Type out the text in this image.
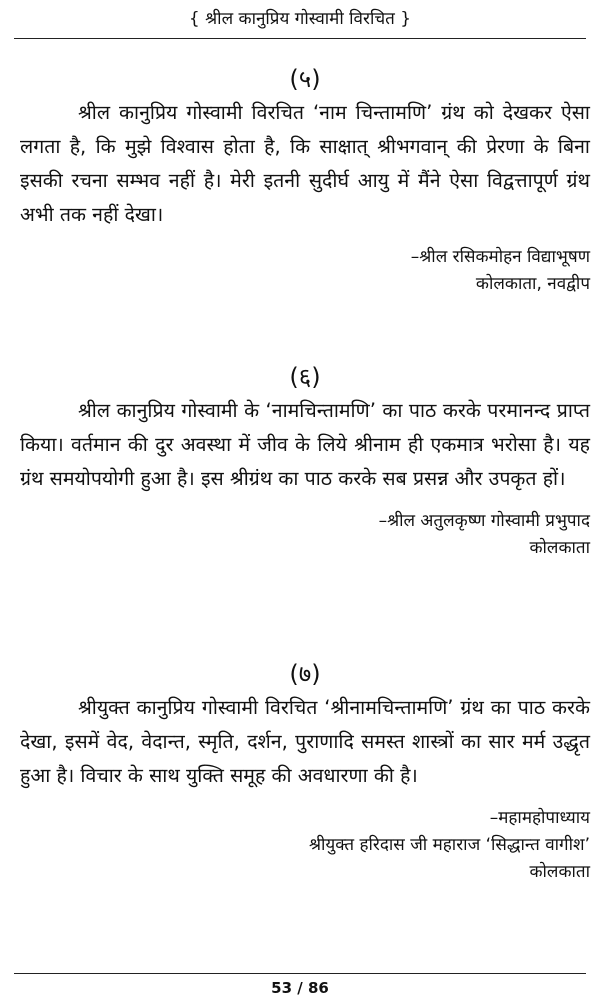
{ श्रील कानुप्रिय गोस्वामी विरचित }
(५)

श्रील कानुप्रिय गोस्वामी विरचित ‘नाम चिन्तामणि’ ग्रंथ को देखकर ऐसा लगता है, कि मुझे विश्वास होता है, कि साक्षात् श्रीभगवान् की प्रेरणा के बिना इसकी रचना सम्भव नहीं है। मेरी इतनी सुदीर्घ आयु में मैंने ऐसा विद्वत्तापूर्ण ग्रंथ अभी तक नहीं देखा।

–श्रील रसिकमोहन विद्याभूषण

कोलकाता, नवद्वीप

(६)

श्रील कानुप्रिय गोस्वामी के ‘नामचिन्तामणि’ का पाठ करके परमानन्द प्राप्त किया। वर्तमान की दुर अवस्था में जीव के लिये श्रीनाम ही एकमात्र भरोसा है। यह ग्रंथ समयोपयोगी हुआ है। इस श्रीग्रंथ का पाठ करके सब प्रसन्न और उपकृत हों।

–श्रील अतुलकृष्ण गोस्वामी प्रभुपाद

कोलकाता

(७)

श्रीयुक्त कानुप्रिय गोस्वामी विरचित ‘श्रीनामचिन्तामणि’ ग्रंथ का पाठ करके देखा, इसमें वेद, वेदान्त, स्मृति, दर्शन, पुराणादि समस्त शास्त्रों का सार मर्म उद्धृत हुआ है। विचार के साथ युक्ति समूह की अवधारणा की है।

–महामहोपाध्याय

श्रीयुक्त हरिदास जी महाराज ‘सिद्धान्त वागीश’

कोलकाता

53 / 86
